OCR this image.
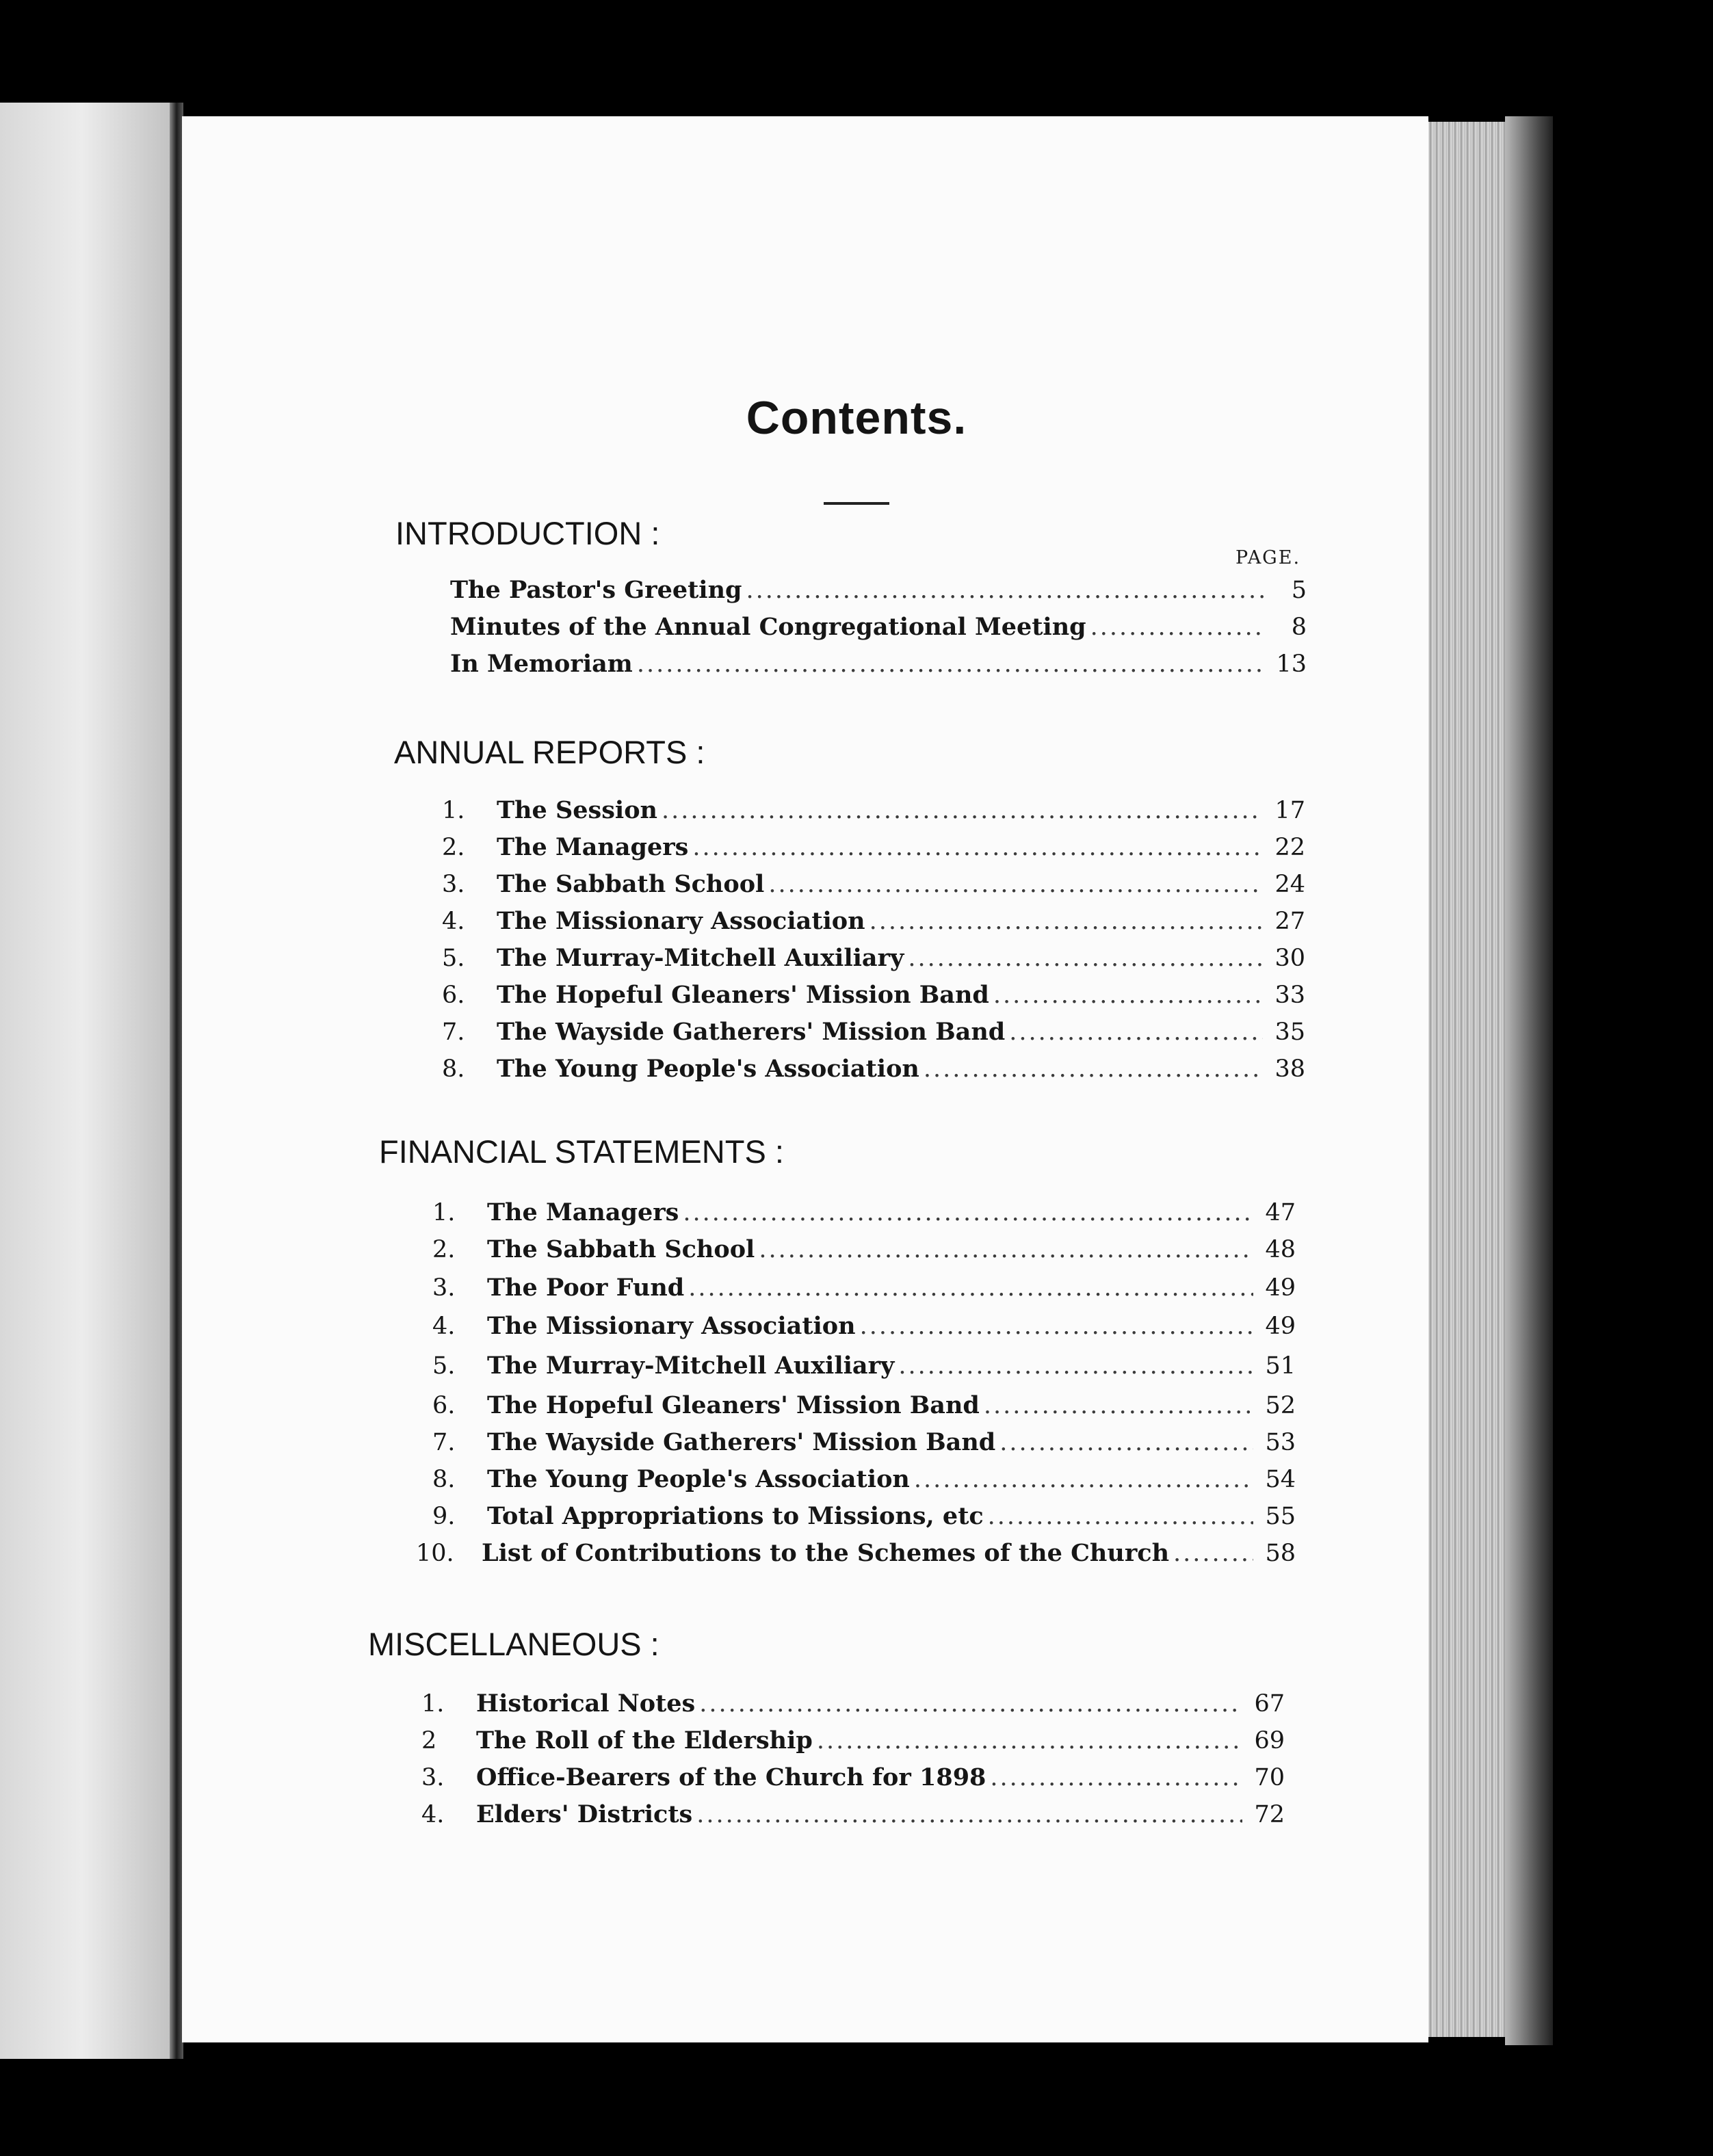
Contents.
PAGE.
INTRODUCTION :
The Pastor's Greeting .....	5
Minutes of the Annual Congregational Meeting .....	8
In Memoriam .....	13
ANNUAL REPORTS :
1.	The Session .....	17
2.	The Managers .....	22
3.	The Sabbath School .....	24
4.	The Missionary Association .....	27
5.	The Murray-Mitchell Auxiliary .....	30
6.	The Hopeful Gleaners' Mission Band .....	33
7.	The Wayside Gatherers' Mission Band .....	35
8.	The Young People's Association .....	38
FINANCIAL STATEMENTS :
1.	The Managers .....	47
2.	The Sabbath School .....	48
3.	The Poor Fund .....	49
4.	The Missionary Association .....	49
5.	The Murray-Mitchell Auxiliary .....	51
6.	The Hopeful Gleaners' Mission Band .....	52
7.	The Wayside Gatherers' Mission Band .....	53
8.	The Young People's Association .....	54
9.	Total Appropriations to Missions, etc .....	55
10.	List of Contributions to the Schemes of the Church .....	58
MISCELLANEOUS :
1.	Historical Notes .....	67
2	The Roll of the Eldership .....	69
3.	Office-Bearers of the Church for 1898 .....	70
4.	Elders' Districts .....	72
